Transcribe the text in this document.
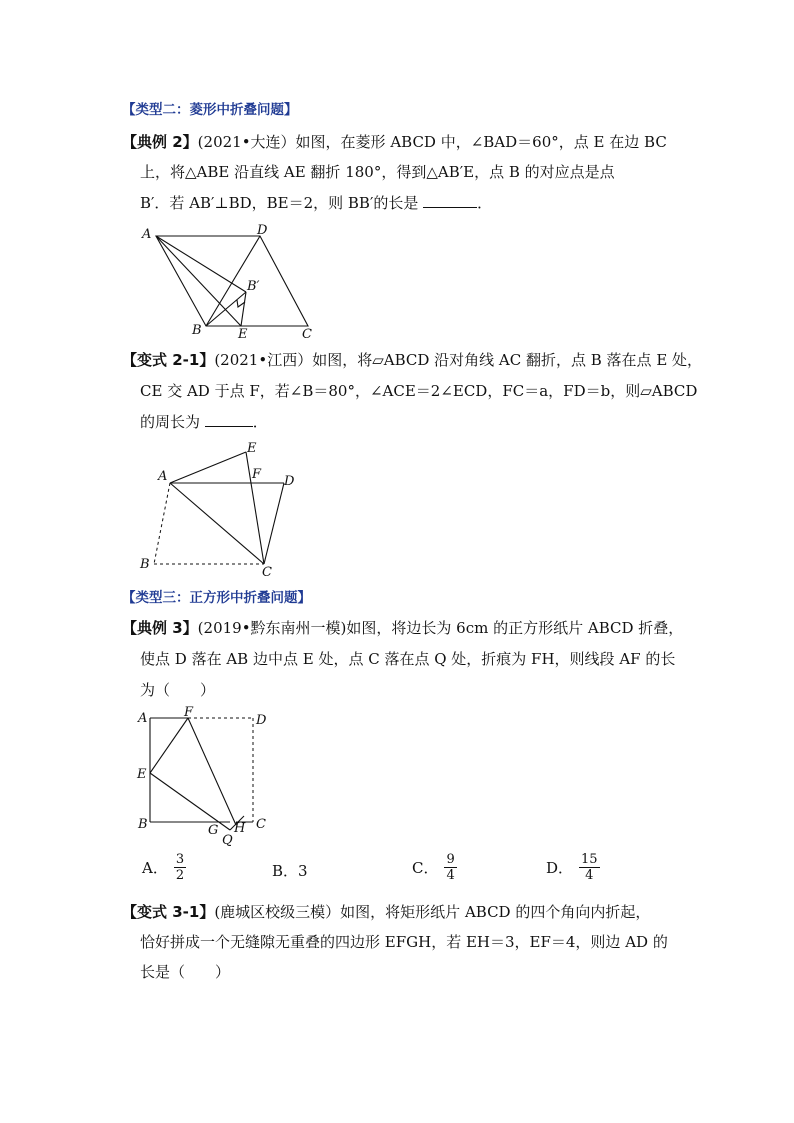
【类型二：菱形中折叠问题】
【典例 2】(2021•大连）如图，在菱形 ABCD 中，∠BAD＝60°，点 E 在边 BC
上，将△ABE 沿直线 AE 翻折 180°，得到△AB′E，点 B 的对应点是点
B′．若 AB′⊥BD，BE＝2，则 BB′的长是	．
A	D
B′
B	E	C
【变式 2-1】(2021•江西）如图，将▱ABCD 沿对角线 AC 翻折，点 B 落在点 E 处，
CE 交 AD 于点 F，若∠B＝80°，∠ACE＝2∠ECD，FC＝a，FD＝b，则▱ABCD
的周长为	．
E
A	F D
B
C
【类型三：正方形中折叠问题】
【典例 3】(2019•黔东南州一模)如图，将边长为 6cm 的正方形纸片 ABCD 折叠，
使点 D 落在 AB 边中点 E 处，点 C 落在点 Q 处，折痕为 FH，则线段 AF 的长
为（　　）
A	F
D
E
B	G H C
Q
A． $\frac{3}{2}$	B．3	C． $\frac{9}{4}$	D． $\frac{15}{4}$
【变式 3-1】(鹿城区校级三模）如图，将矩形纸片 ABCD 的四个角向内折起，
恰好拼成一个无缝隙无重叠的四边形 EFGH，若 EH＝3，EF＝4，则边 AD 的
长是（　　）
